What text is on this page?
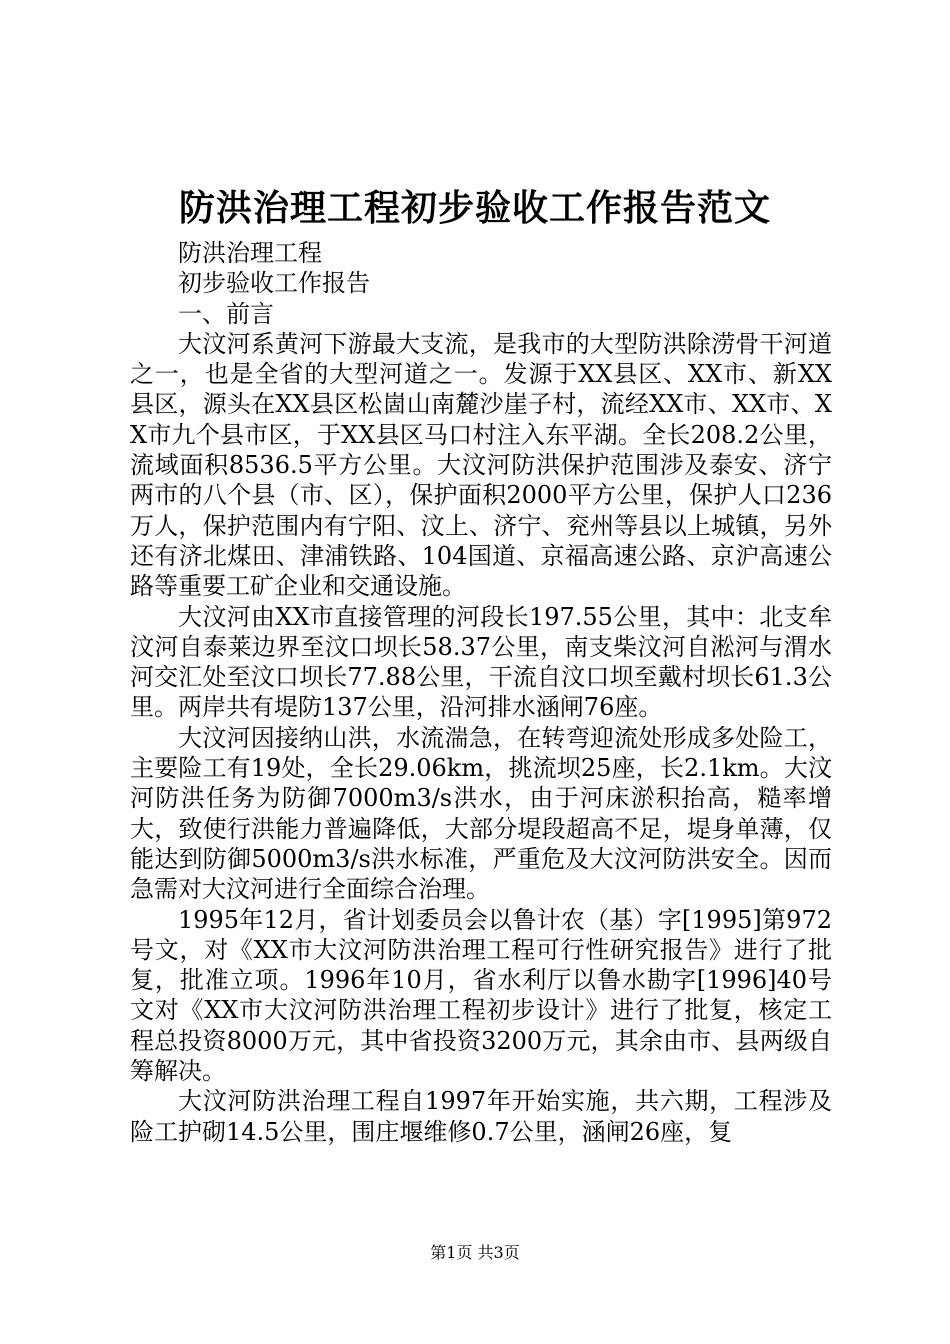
防洪治理工程初步验收工作报告范文

防洪治理工程

初步验收工作报告

一、前言

大汶河系黄河下游最大支流，是我市的大型防洪除涝骨干河道之一，也是全省的大型河道之一。发源于XX县区、XX市、新XX县区，源头在XX县区松崮山南麓沙崖子村，流经XX市、XX市、XX市九个县市区，于XX县区马口村注入东平湖。全长208.2公里，流域面积8536.5平方公里。大汶河防洪保护范围涉及泰安、济宁两市的八个县（市、区），保护面积2000平方公里，保护人口236万人，保护范围内有宁阳、汶上、济宁、兖州等县以上城镇，另外还有济北煤田、津浦铁路、104国道、京福高速公路、京沪高速公路等重要工矿企业和交通设施。

大汶河由XX市直接管理的河段长197.55公里，其中：北支牟汶河自泰莱边界至汶口坝长58.37公里，南支柴汶河自淞河与渭水河交汇处至汶口坝长77.88公里，干流自汶口坝至戴村坝长61.3公里。两岸共有堤防137公里，沿河排水涵闸76座。

大汶河因接纳山洪，水流湍急，在转弯迎流处形成多处险工，主要险工有19处，全长29.06km，挑流坝25座，长2.1km。大汶河防洪任务为防御7000m3/s洪水，由于河床淤积抬高，糙率增大，致使行洪能力普遍降低，大部分堤段超高不足，堤身单薄，仅能达到防御5000m3/s洪水标准，严重危及大汶河防洪安全。因而急需对大汶河进行全面综合治理。

1995年12月，省计划委员会以鲁计农（基）字[1995]第972号文，对《XX市大汶河防洪治理工程可行性研究报告》进行了批复，批准立项。1996年10月，省水利厅以鲁水勘字[1996]40号文对《XX市大汶河防洪治理工程初步设计》进行了批复，核定工程总投资8000万元，其中省投资3200万元，其余由市、县两级自筹解决。

大汶河防洪治理工程自1997年开始实施，共六期，工程涉及险工护砌14.5公里，围庄堰维修0.7公里，涵闸26座，复

第1页 共3页
